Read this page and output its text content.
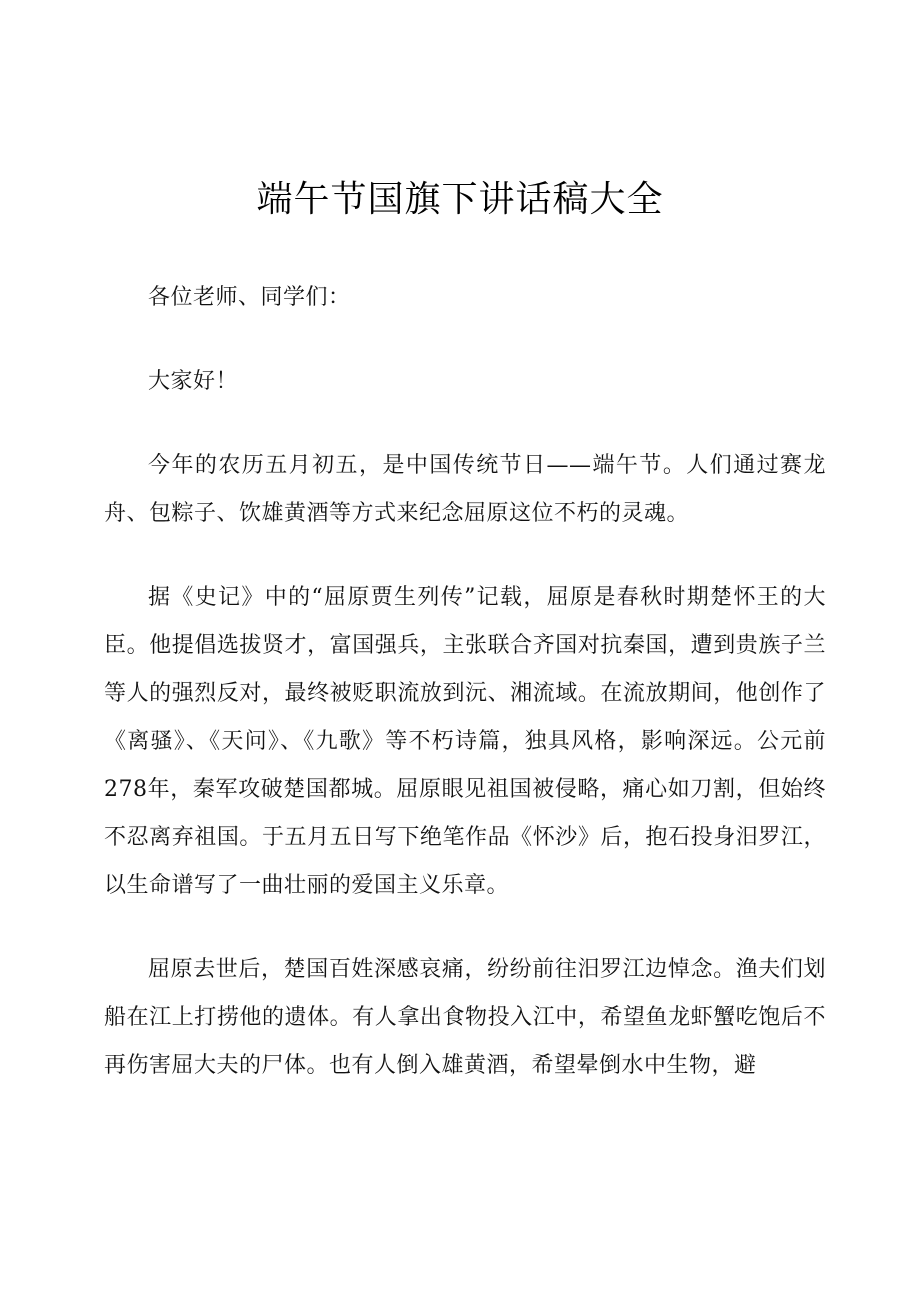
端午节国旗下讲话稿大全

各位老师、同学们：

大家好！

今年的农历五月初五，是中国传统节日——端午节。人们通过赛龙舟、包粽子、饮雄黄酒等方式来纪念屈原这位不朽的灵魂。

据《史记》中的“屈原贾生列传”记载，屈原是春秋时期楚怀王的大臣。他提倡选拔贤才，富国强兵，主张联合齐国对抗秦国，遭到贵族子兰等人的强烈反对，最终被贬职流放到沅、湘流域。在流放期间，他创作了《离骚》、《天问》、《九歌》等不朽诗篇，独具风格，影响深远。公元前278年，秦军攻破楚国都城。屈原眼见祖国被侵略，痛心如刀割，但始终不忍离弃祖国。于五月五日写下绝笔作品《怀沙》后，抱石投身汨罗江，以生命谱写了一曲壮丽的爱国主义乐章。

屈原去世后，楚国百姓深感哀痛，纷纷前往汨罗江边悼念。渔夫们划船在江上打捞他的遗体。有人拿出食物投入江中，希望鱼龙虾蟹吃饱后不再伤害屈大夫的尸体。也有人倒入雄黄酒，希望晕倒水中生物，避
